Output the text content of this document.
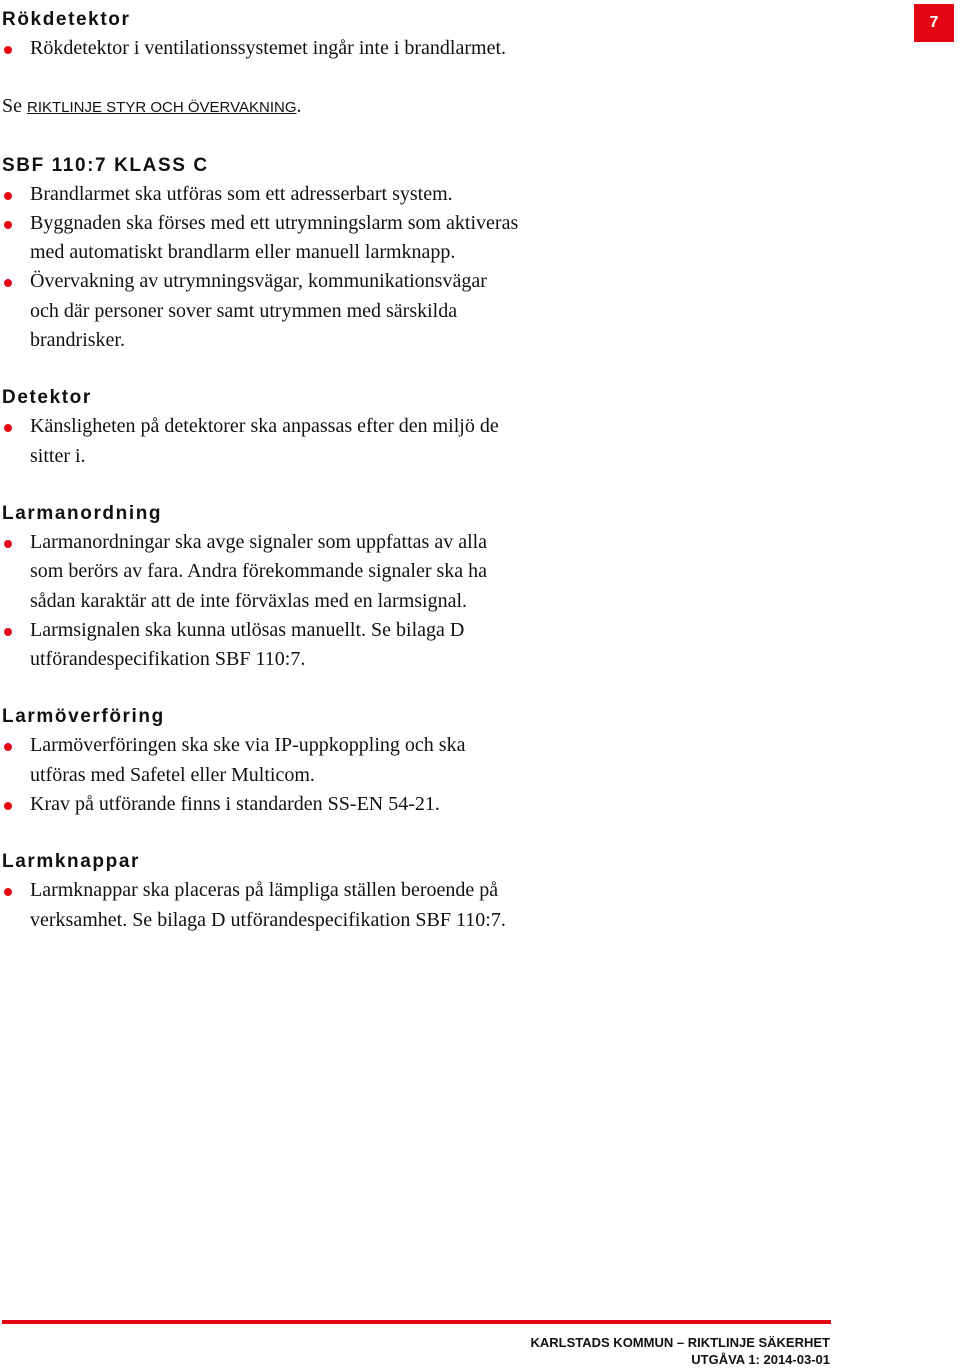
7
Rökdetektor
Rökdetektor i ventilationssystemet ingår inte i brandlarmet.

Se RIKTLINJE STYR OCH ÖVERVAKNING.

SBF 110:7 KLASS C
Brandlarmet ska utföras som ett adresserbart system.
Byggnaden ska förses med ett utrymningslarm som aktiveras
med automatiskt brandlarm eller manuell larmknapp.
Övervakning av utrymningsvägar, kommunikationsvägar
och där personer sover samt utrymmen med särskilda
brandrisker.
Detektor
Känsligheten på detektorer ska anpassas efter den miljö de
sitter i.
Larmanordning
Larmanordningar ska avge signaler som uppfattas av alla
som berörs av fara. Andra förekommande signaler ska ha
sådan karaktär att de inte förväxlas med en larmsignal.
Larmsignalen ska kunna utlösas manuellt. Se bilaga D
utförandespecifikation SBF 110:7.
Larmöverföring
Larmöverföringen ska ske via IP-uppkoppling och ska
utföras med Safetel eller Multicom.
Krav på utförande finns i standarden SS-EN 54-21.
Larmknappar
Larmknappar ska placeras på lämpliga ställen beroende på
verksamhet. Se bilaga D utförandespecifikation SBF 110:7.
KARLSTADS KOMMUN – RIKTLINJE SÄKERHET
UTGÅVA 1: 2014-03-01
